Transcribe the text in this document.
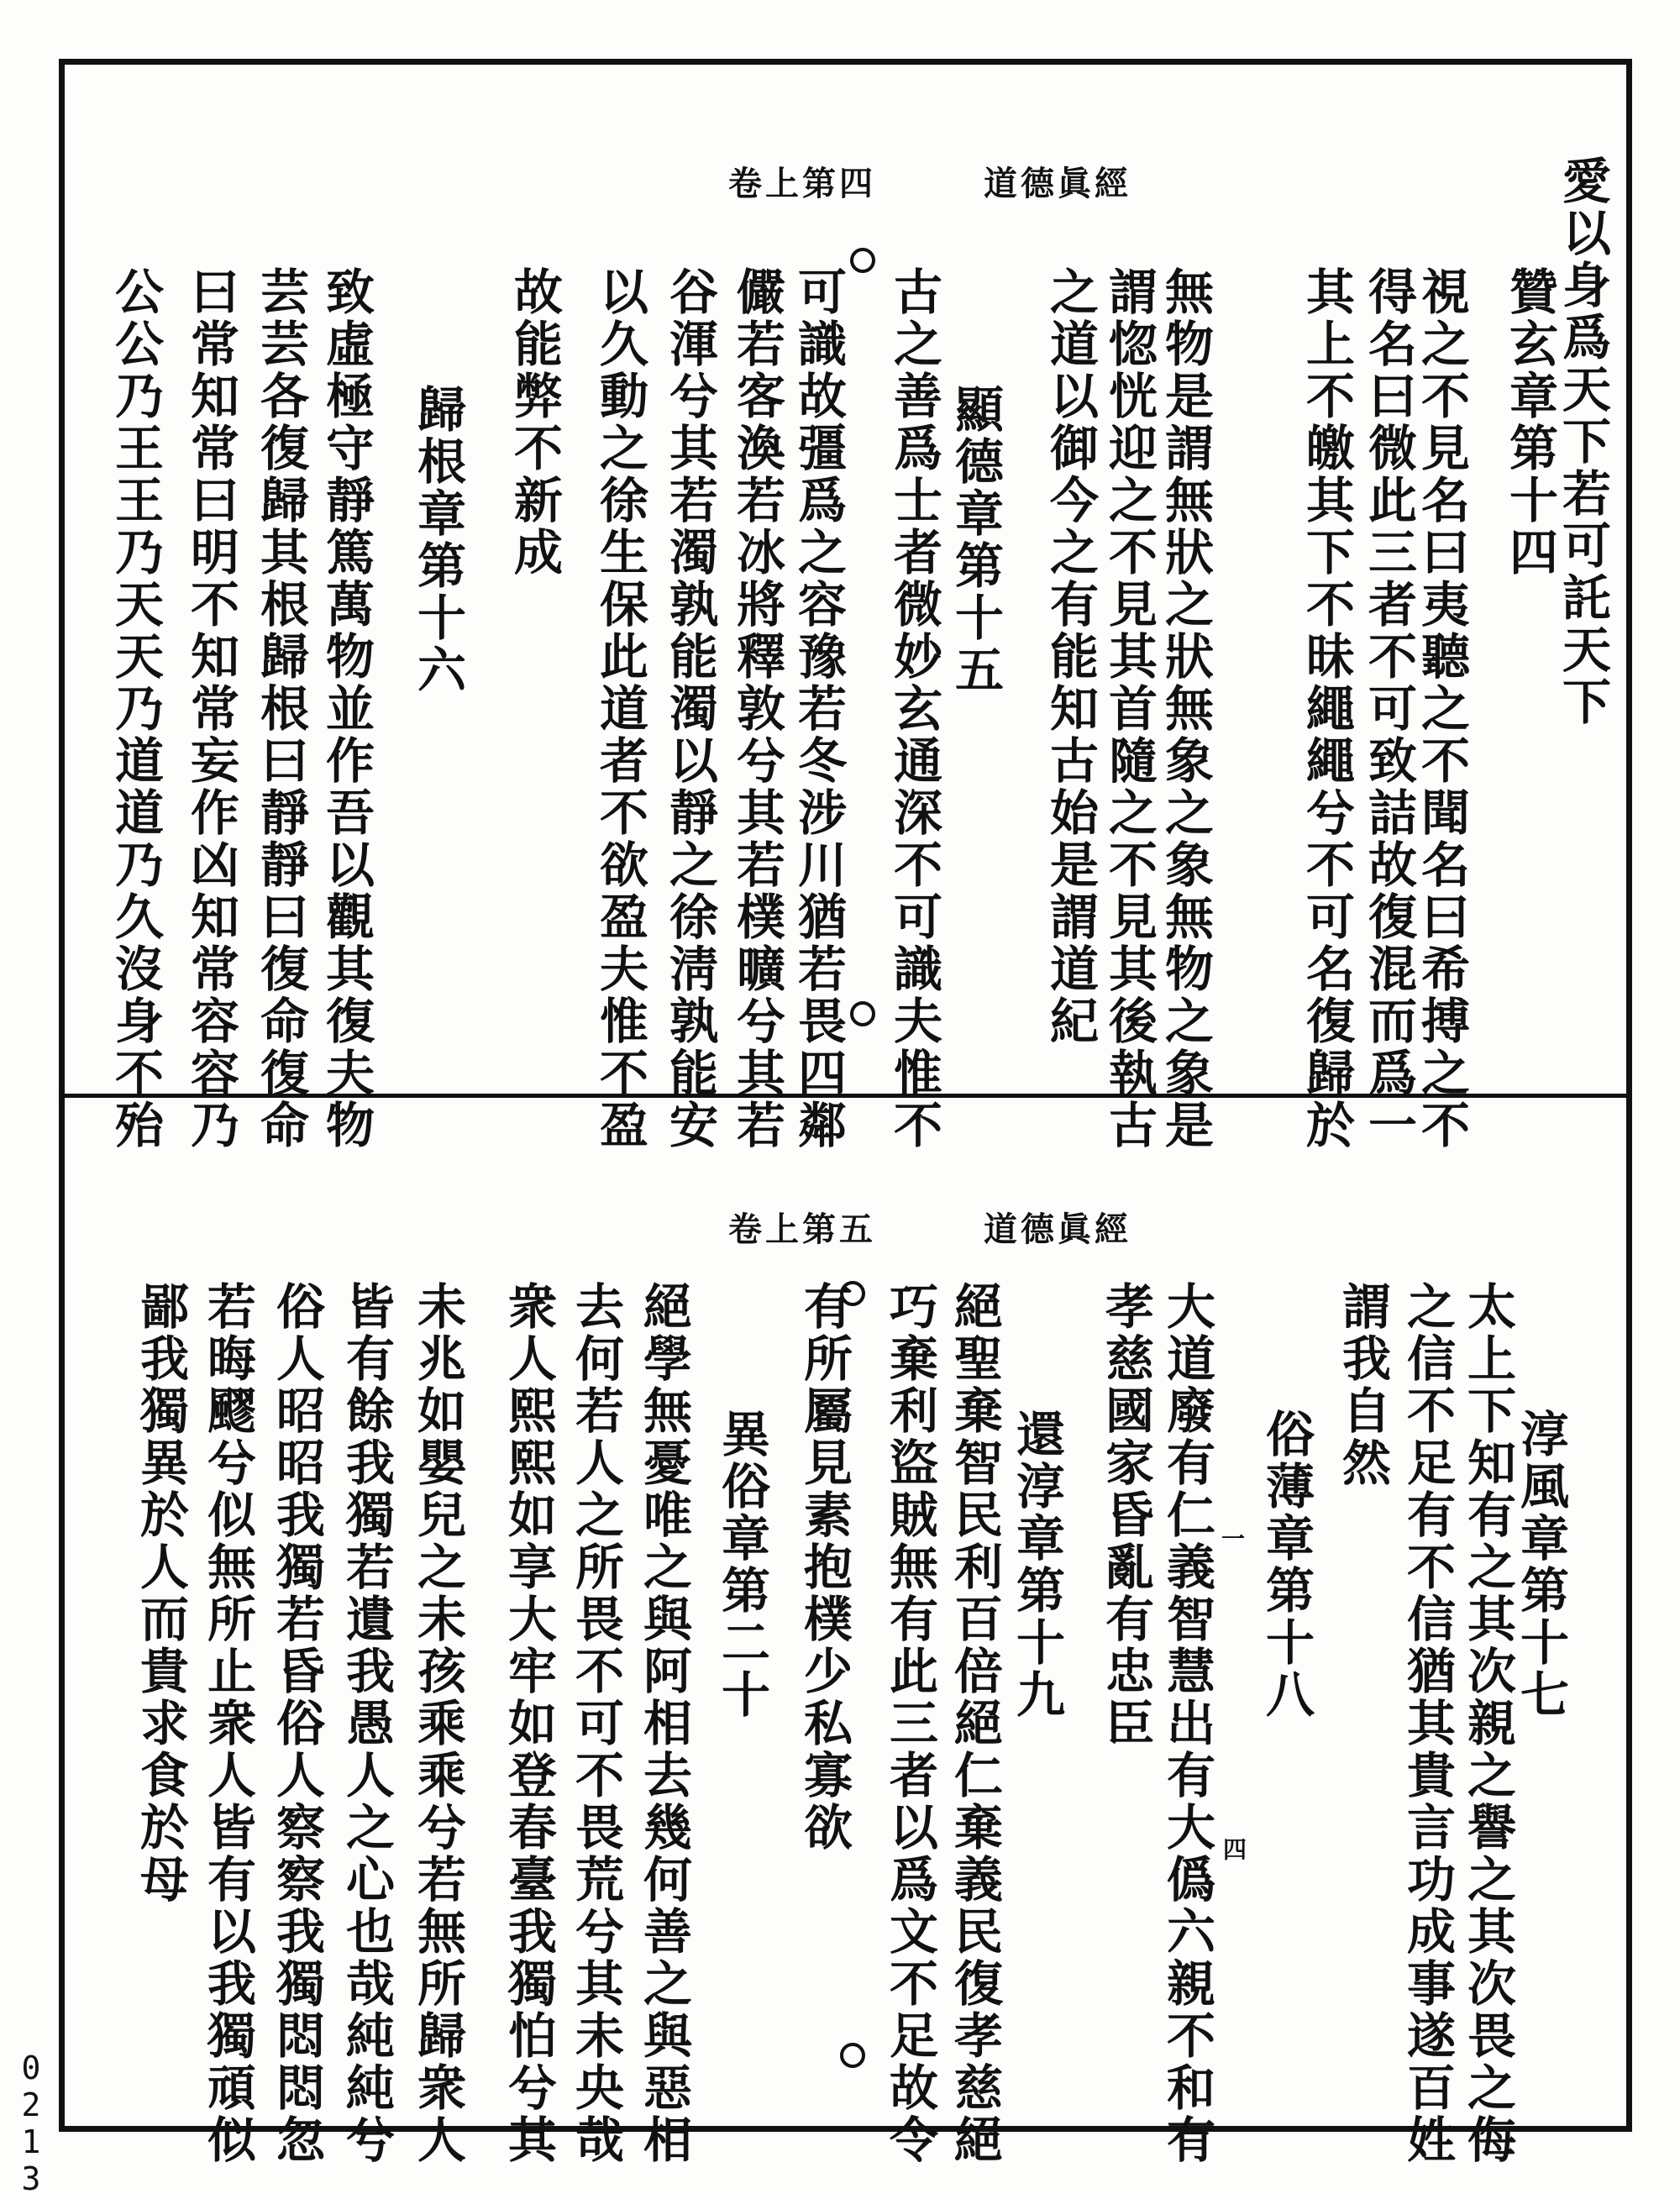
道德眞經
卷上第四	愛以身爲天下若可託天下
贊玄章第十四
視之不見名曰夷聽之不聞名曰希搏之不
得名曰微此三者不可致詰故復混而爲一
其上不皦其下不昧繩繩兮不可名復歸於
無物是謂無狀之狀無象之象無物之象是
謂惚恍迎之不見其首隨之不見其後執古
之道以御今之有能知古始是謂道紀
顯德章第十五
古之善爲士者微妙玄通深不可識夫惟不
可識故彊爲之容豫若冬涉川猶若畏四鄰
儼若客渙若冰將釋敦兮其若樸曠兮其若
谷渾兮其若濁孰能濁以靜之徐淸孰能安
以久動之徐生保此道者不欲盈夫惟不盈
故能弊不新成
歸根章第十六
致虛極守靜篤萬物並作吾以觀其復夫物
芸芸各復歸其根歸根曰靜靜曰復命復命
曰常知常曰明不知常妄作凶知常容容乃
公公乃王王乃天天乃道道乃久沒身不殆
道德眞經
卷上第五
淳風章第十七
太上下知有之其次親之譽之其次畏之侮
之信不足有不信猶其貴言功成事遂百姓
謂我自然
俗薄章第十八
一
大道廢有仁義智慧出有大僞六親不和有 四
孝慈國家昏亂有忠臣
還淳章第十九
絕聖棄智民利百倍絕仁棄義民復孝慈絕
巧棄利盜賊無有此三者以爲文不足故令
有所屬見素抱樸少私寡欲
異俗章第二十
絕學無憂唯之與阿相去幾何善之與惡相
去何若人之所畏不可不畏荒兮其未央哉
衆人熙熙如享大牢如登春臺我獨怕兮其
未兆如嬰兒之未孩乘乘兮若無所歸衆人
皆有餘我獨若遺我愚人之心也哉純純兮
俗人昭昭我獨若昏俗人察察我獨悶悶忽
若晦飂兮似無所止衆人皆有以我獨頑似
鄙我獨異於人而貴求食於母
0
2
1
3
